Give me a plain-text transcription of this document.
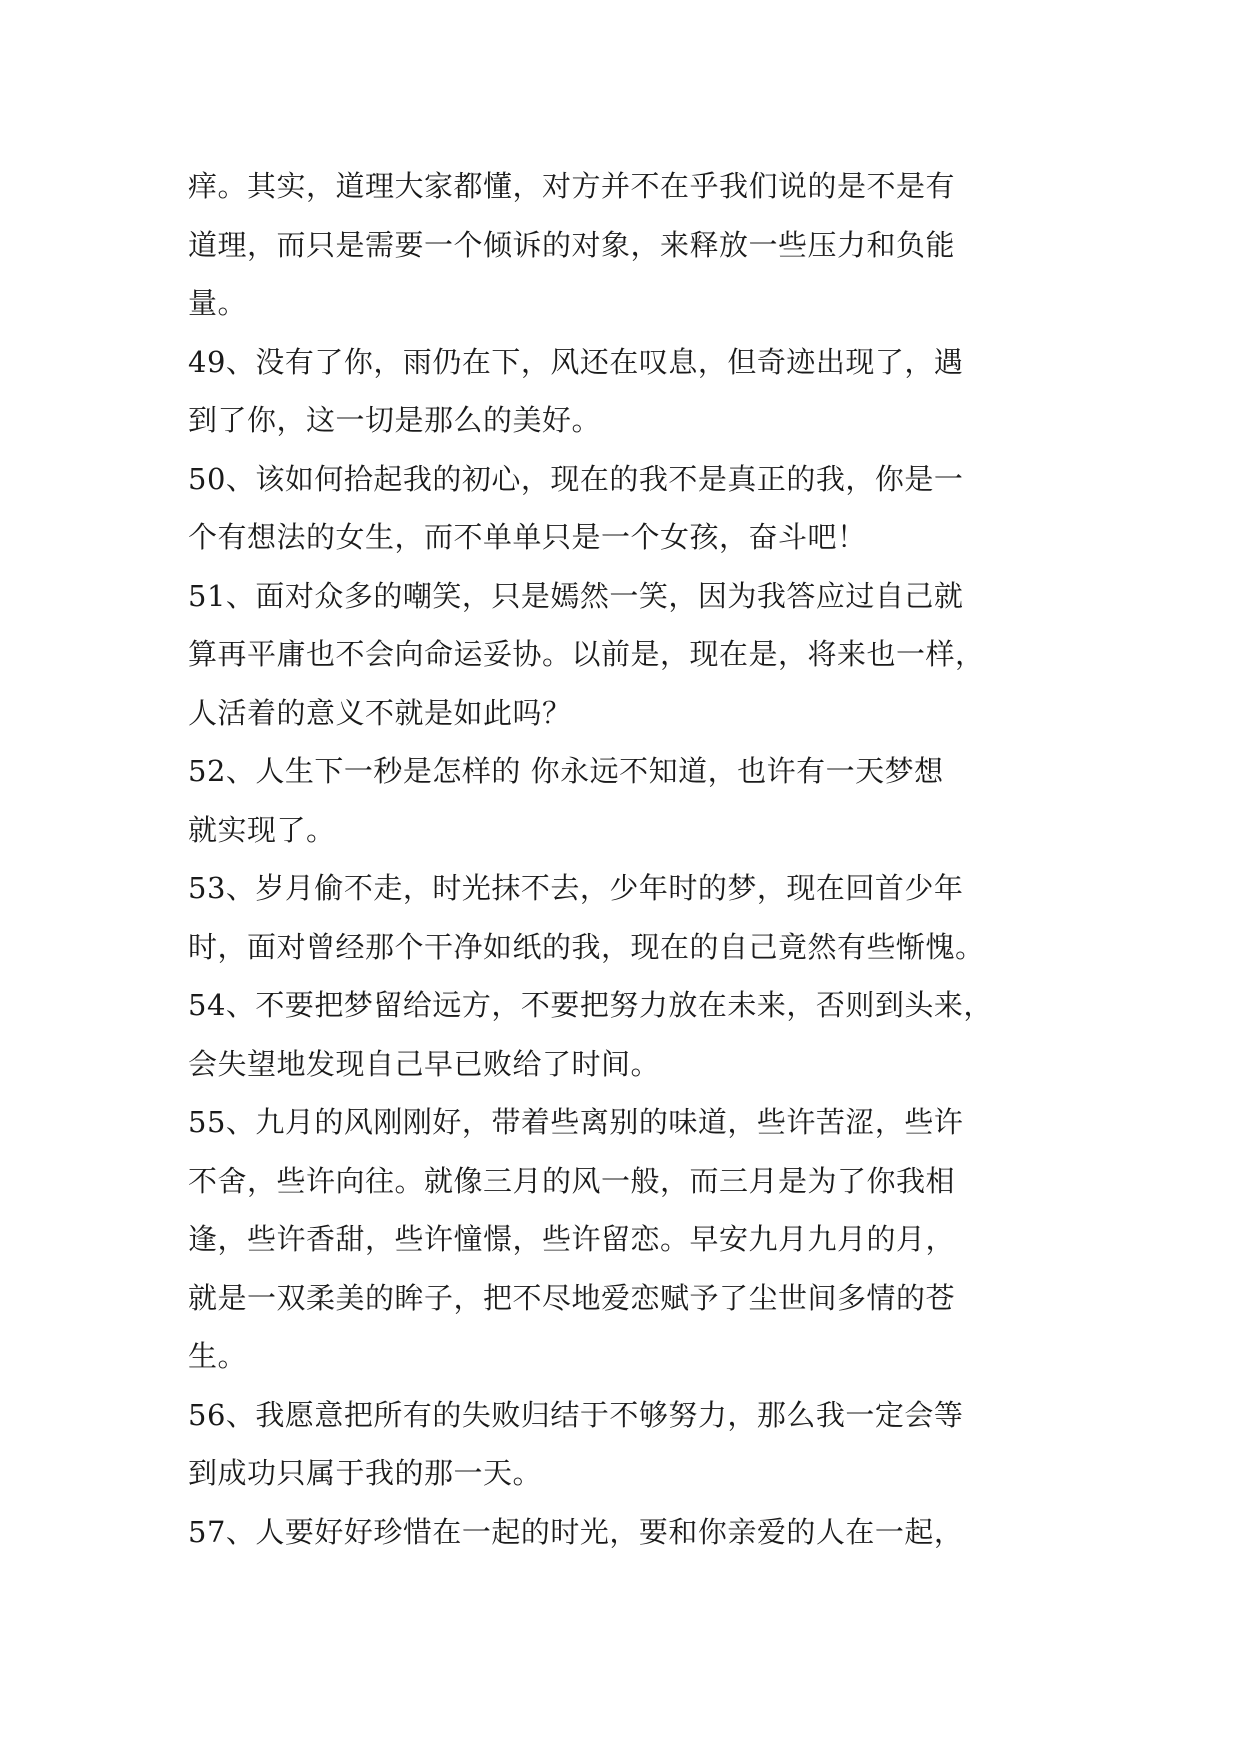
痒。其实，道理大家都懂，对方并不在乎我们说的是不是有
道理，而只是需要一个倾诉的对象，来释放一些压力和负能
量。
49、没有了你，雨仍在下，风还在叹息，但奇迹出现了，遇
到了你，这一切是那么的美好。
50、该如何拾起我的初心，现在的我不是真正的我，你是一
个有想法的女生，而不单单只是一个女孩，奋斗吧！
51、面对众多的嘲笑，只是嫣然一笑，因为我答应过自己就
算再平庸也不会向命运妥协。以前是，现在是，将来也一样，
人活着的意义不就是如此吗？
52、人生下一秒是怎样的 你永远不知道，也许有一天梦想
就实现了。
53、岁月偷不走，时光抹不去，少年时的梦，现在回首少年
时，面对曾经那个干净如纸的我，现在的自己竟然有些惭愧。
54、不要把梦留给远方，不要把努力放在未来，否则到头来，
会失望地发现自己早已败给了时间。
55、九月的风刚刚好，带着些离别的味道，些许苦涩，些许
不舍，些许向往。就像三月的风一般，而三月是为了你我相
逢，些许香甜，些许憧憬，些许留恋。早安九月九月的月，
就是一双柔美的眸子，把不尽地爱恋赋予了尘世间多情的苍
生。
56、我愿意把所有的失败归结于不够努力，那么我一定会等
到成功只属于我的那一天。
57、人要好好珍惜在一起的时光，要和你亲爱的人在一起，
